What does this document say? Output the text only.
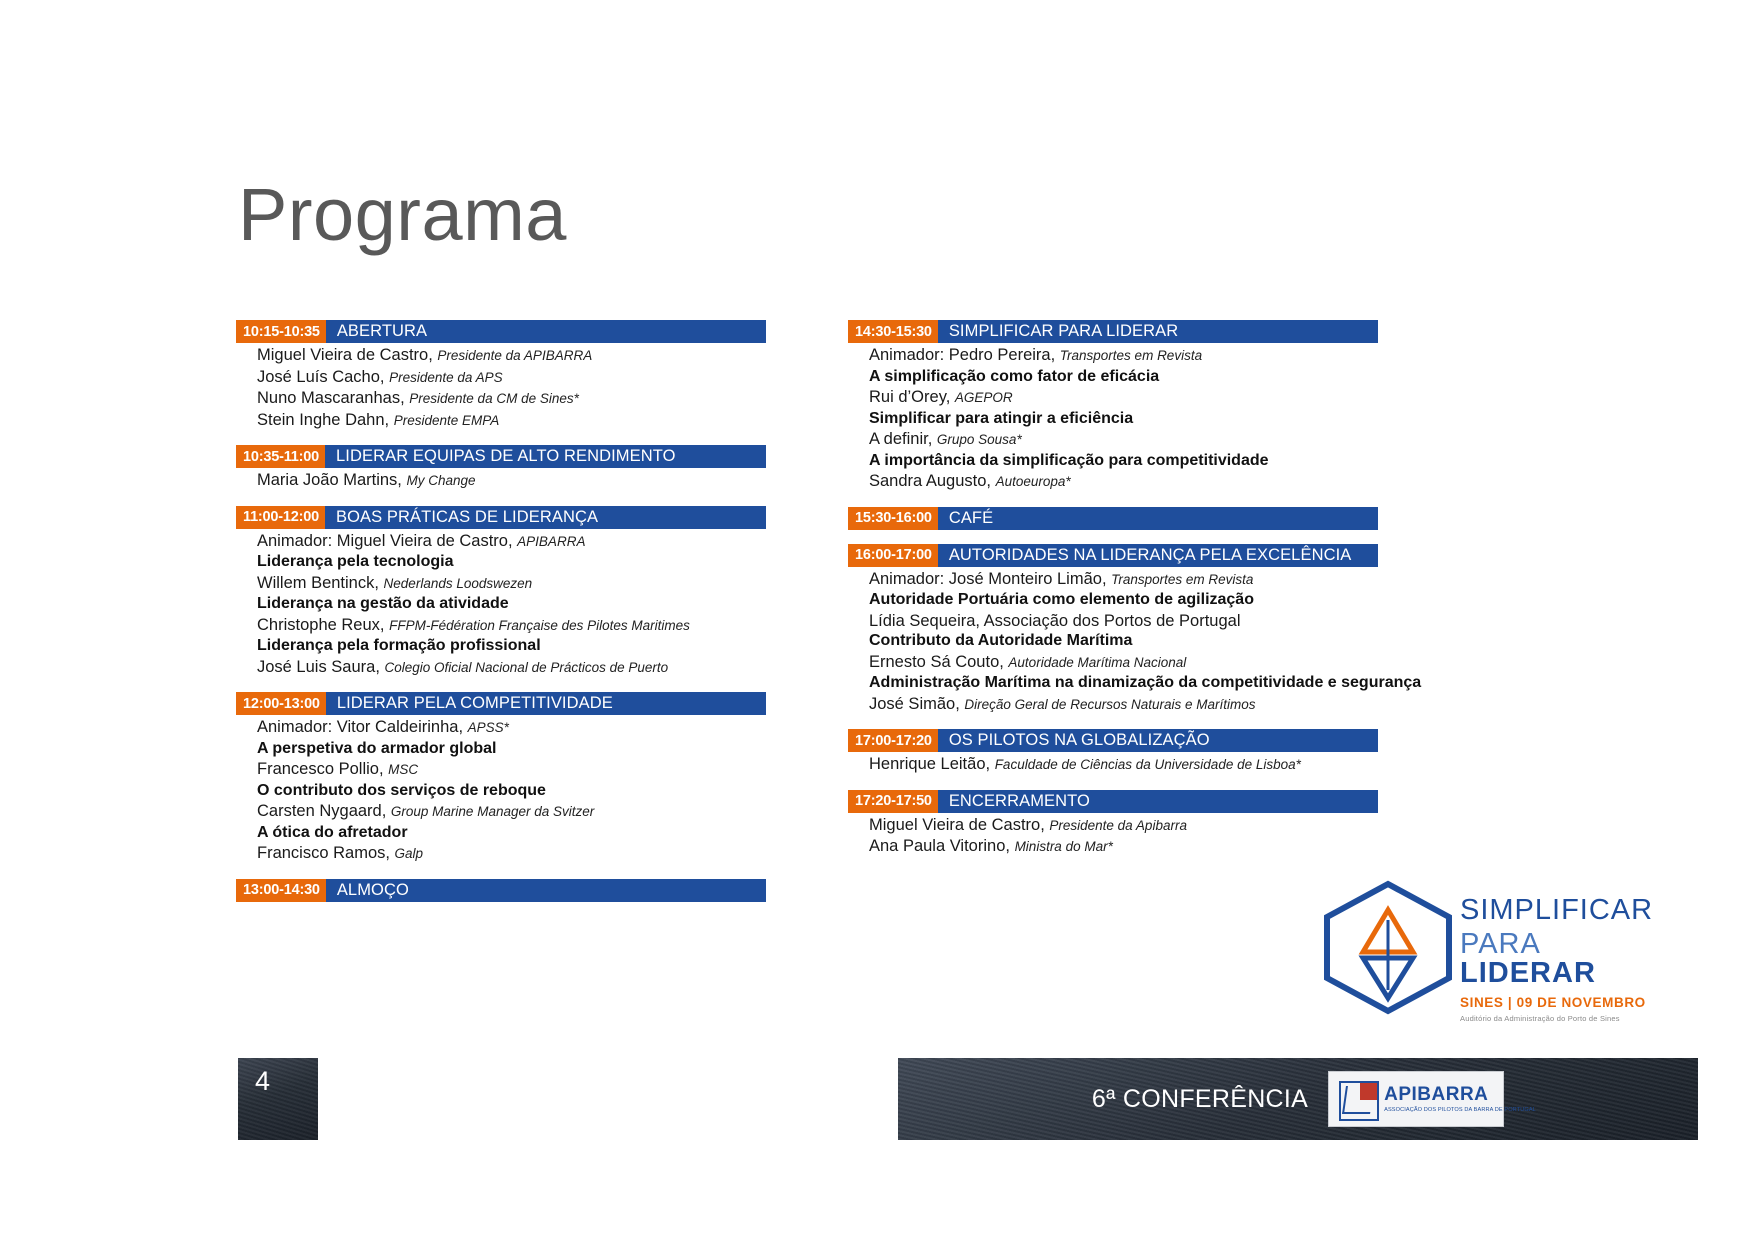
Programa
10:15-10:35	ABERTURA
Miguel Vieira de Castro, Presidente da APIBARRA
José Luís Cacho, Presidente da APS
Nuno Mascaranhas, Presidente da CM de Sines*
Stein Inghe Dahn, Presidente EMPA
10:35-11:00	LIDERAR EQUIPAS DE ALTO RENDIMENTO
Maria João Martins, My Change
11:00-12:00	BOAS PRÁTICAS DE LIDERANÇA
Animador: Miguel Vieira de Castro, APIBARRA
Liderança pela tecnologia
Willem Bentinck, Nederlands Loodswezen
Liderança na gestão da atividade
Christophe Reux, FFPM-Fédération Française des Pilotes Maritimes
Liderança pela formação profissional
José Luis Saura, Colegio Oficial Nacional de Prácticos de Puerto
12:00-13:00	LIDERAR PELA COMPETITIVIDADE
Animador: Vitor Caldeirinha, APSS*
A perspetiva do armador global
Francesco Pollio, MSC
O contributo dos serviços de reboque
Carsten Nygaard, Group Marine Manager da Svitzer
A ótica do afretador
Francisco Ramos, Galp
13:00-14:30	ALMOÇO
14:30-15:30	SIMPLIFICAR PARA LIDERAR
Animador: Pedro Pereira, Transportes em Revista
A simplificação como fator de eficácia
Rui d’Orey, AGEPOR
Simplificar para atingir a eficiência
A definir, Grupo Sousa*
A importância da simplificação para competitividade
Sandra Augusto, Autoeuropa*
15:30-16:00	CAFÉ
16:00-17:00	AUTORIDADES NA LIDERANÇA PELA EXCELÊNCIA
Animador: José Monteiro Limão, Transportes em Revista
Autoridade Portuária como elemento de agilização
Lídia Sequeira, Associação dos Portos de Portugal
Contributo da Autoridade Marítima
Ernesto Sá Couto, Autoridade Marítima Nacional
Administração Marítima na dinamização da competitividade e segurança
José Simão, Direção Geral de Recursos Naturais e Marítimos
17:00-17:20	OS PILOTOS NA GLOBALIZAÇÃO
Henrique Leitão, Faculdade de Ciências da Universidade de Lisboa*
17:20-17:50	ENCERRAMENTO
Miguel Vieira de Castro, Presidente da Apibarra
Ana Paula Vitorino, Ministra do Mar*
SIMPLIFICAR
PARA LIDERAR
SINES | 09 DE NOVEMBRO
Auditório da Administração do Porto de Sines
4
6ª CONFERÊNCIA	APIBARRA
ASSOCIAÇÃO DOS PILOTOS DA BARRA DE PORTUGAL
